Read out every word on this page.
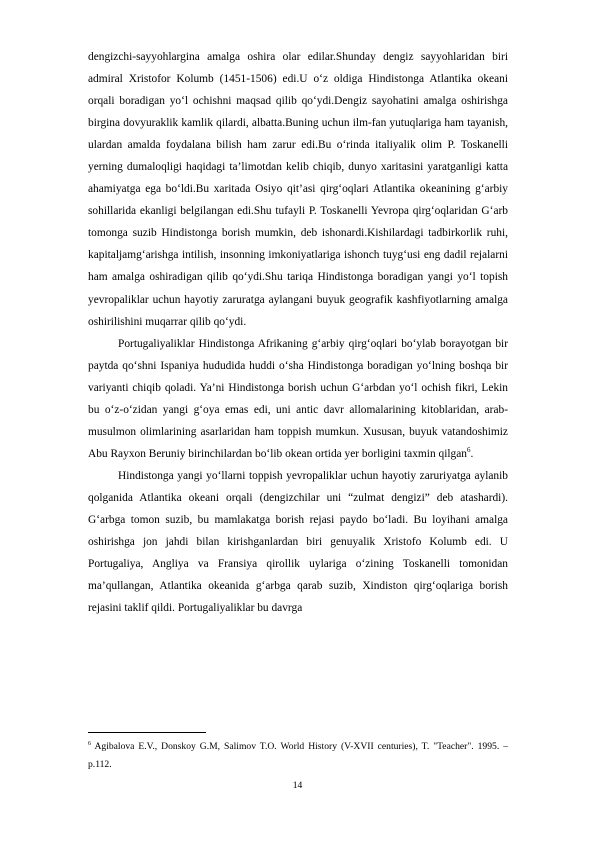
dengizchi-sayyohlargina amalga oshira olar edilar.Shunday dengiz sayyohlaridan biri admiral Xristofor Kolumb (1451-1506) edi.U o‘z oldiga Hindistonga Atlantika okeani orqali boradigan yo‘l ochishni maqsad qilib qo‘ydi.Dengiz sayohatini amalga oshirishga birgina dovyuraklik kamlik qilardi, albatta.Buning uchun ilm-fan yutuqlariga ham tayanish, ulardan amalda foydalana bilish ham zarur edi.Bu o‘rinda italiyalik olim P. Toskanelli yerning dumaloqligi haqidagi ta’limotdan kelib chiqib, dunyo xaritasini yaratganligi katta ahamiyatga ega bo‘ldi.Bu xaritada Osiyo qit’asi qirg‘oqlari Atlantika okeanining g‘arbiy sohillarida ekanligi belgilangan edi.Shu tufayli P. Toskanelli Yevropa qirg‘oqlaridan G‘arb tomonga suzib Hindistonga borish mumkin, deb ishonardi.Kishilardagi tadbirkorlik ruhi, kapitaljamg‘arishga intilish, insonning imkoniyatlariga ishonch tuyg‘usi eng dadil rejalarni ham amalga oshiradigan qilib qo‘ydi.Shu tariqa Hindistonga boradigan yangi yo‘l topish yevropaliklar uchun hayotiy zaruratga aylangani buyuk geografik kashfiyotlarning amalga oshirilishini muqarrar qilib qo‘ydi.

Portugaliyaliklar Hindistonga Afrikaning g‘arbiy qirg‘oqlari bo‘ylab borayotgan bir paytda qo‘shni Ispaniya hududida huddi o‘sha Hindistonga boradigan yo‘lning boshqa bir variyanti chiqib qoladi. Ya’ni Hindistonga borish uchun G‘arbdan yo‘l ochish fikri, Lekin bu o‘z-o‘zidan yangi g‘oya emas edi, uni antic davr allomalarining kitoblaridan, arab-musulmon olimlarining asarlaridan ham toppish mumkun. Xususan, buyuk vatandoshimiz Abu Rayxon Beruniy birinchilardan bo‘lib okean ortida yer borligini taxmin qilgan$^6$.

Hindistonga yangi yo‘llarni toppish yevropaliklar uchun hayotiy zaruriyatga aylanib qolganida Atlantika okeani orqali (dengizchilar uni “zulmat dengizi” deb atashardi). G‘arbga tomon suzib, bu mamlakatga borish rejasi paydo bo‘ladi. Bu loyihani amalga oshirishga jon jahdi bilan kirishganlardan biri genuyalik Xristofo Kolumb edi. U Portugaliya, Angliya va Fransiya qirollik uylariga o‘zining Toskanelli tomonidan ma’qullangan, Atlantika okeanida g‘arbga qarab suzib, Xindiston qirg‘oqlariga borish rejasini taklif qildi. Portugaliyaliklar bu davrga

$^6$ Agibalova E.V., Donskoy G.M, Salimov T.O. World History (V-XVII centuries), T. "Teacher". 1995. – p.112.

14
